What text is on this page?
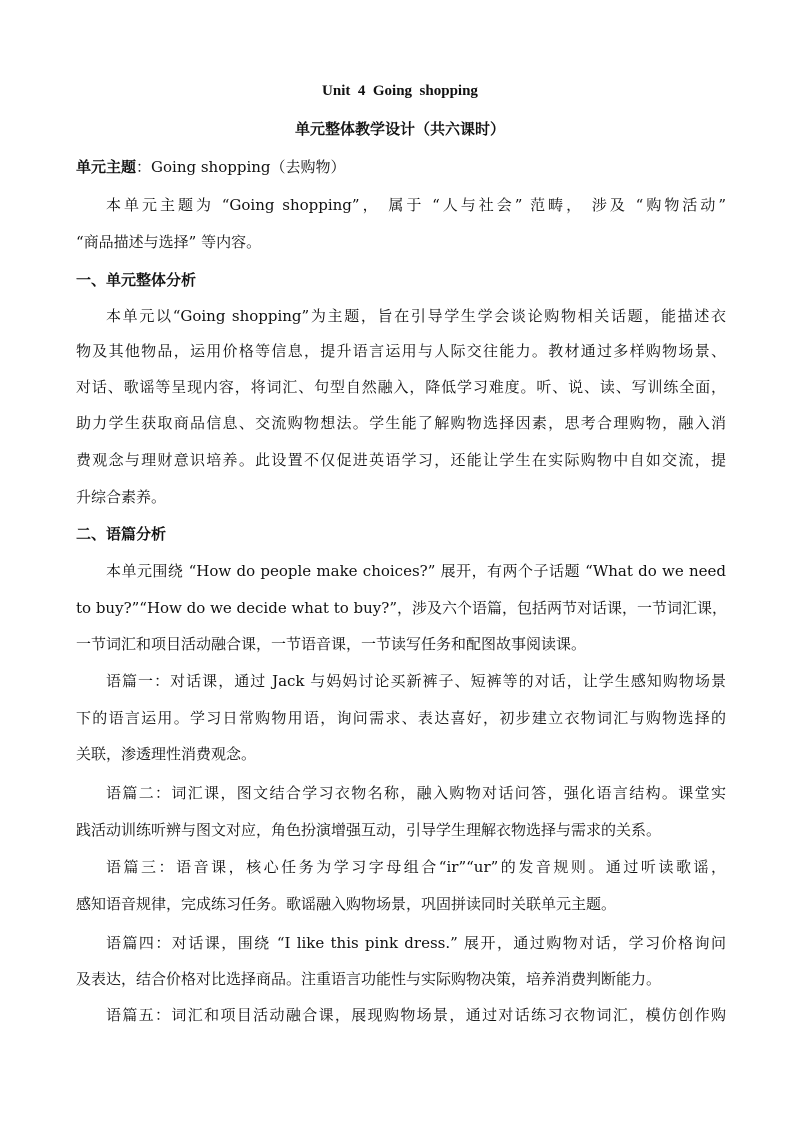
Unit  4  Going  shopping
单元整体教学设计（共六课时）
单元主题：Going shopping（去购物）
本单元主题为 “Going shopping”， 属于 “人与社会” 范畴， 涉及 “购物活动”
“商品描述与选择” 等内容。
一、单元整体分析
本单元以“Going shopping”为主题，旨在引导学生学会谈论购物相关话题，能描述衣
物及其他物品，运用价格等信息，提升语言运用与人际交往能力。教材通过多样购物场景、
对话、歌谣等呈现内容，将词汇、句型自然融入，降低学习难度。听、说、读、写训练全面，
助力学生获取商品信息、交流购物想法。学生能了解购物选择因素，思考合理购物，融入消
费观念与理财意识培养。此设置不仅促进英语学习，还能让学生在实际购物中自如交流，提
升综合素养。
二、语篇分析
本单元围绕 “How do people make choices?” 展开，有两个子话题 “What do we need
to buy?”“How do we decide what to buy?”，涉及六个语篇，包括两节对话课，一节词汇课，
一节词汇和项目活动融合课，一节语音课，一节读写任务和配图故事阅读课。
语篇一：对话课，通过 Jack 与妈妈讨论买新裤子、短裤等的对话，让学生感知购物场景
下的语言运用。学习日常购物用语，询问需求、表达喜好，初步建立衣物词汇与购物选择的
关联，渗透理性消费观念。
语篇二：词汇课，图文结合学习衣物名称，融入购物对话问答，强化语言结构。课堂实
践活动训练听辨与图文对应，角色扮演增强互动，引导学生理解衣物选择与需求的关系。
语篇三：语音课，核心任务为学习字母组合“ir”“ur”的发音规则。通过听读歌谣，
感知语音规律，完成练习任务。歌谣融入购物场景，巩固拼读同时关联单元主题。
语篇四：对话课，围绕 “I like this pink dress.” 展开，通过购物对话，学习价格询问
及表达，结合价格对比选择商品。注重语言功能性与实际购物决策，培养消费判断能力。
语篇五：词汇和项目活动融合课，展现购物场景，通过对话练习衣物词汇，模仿创作购
